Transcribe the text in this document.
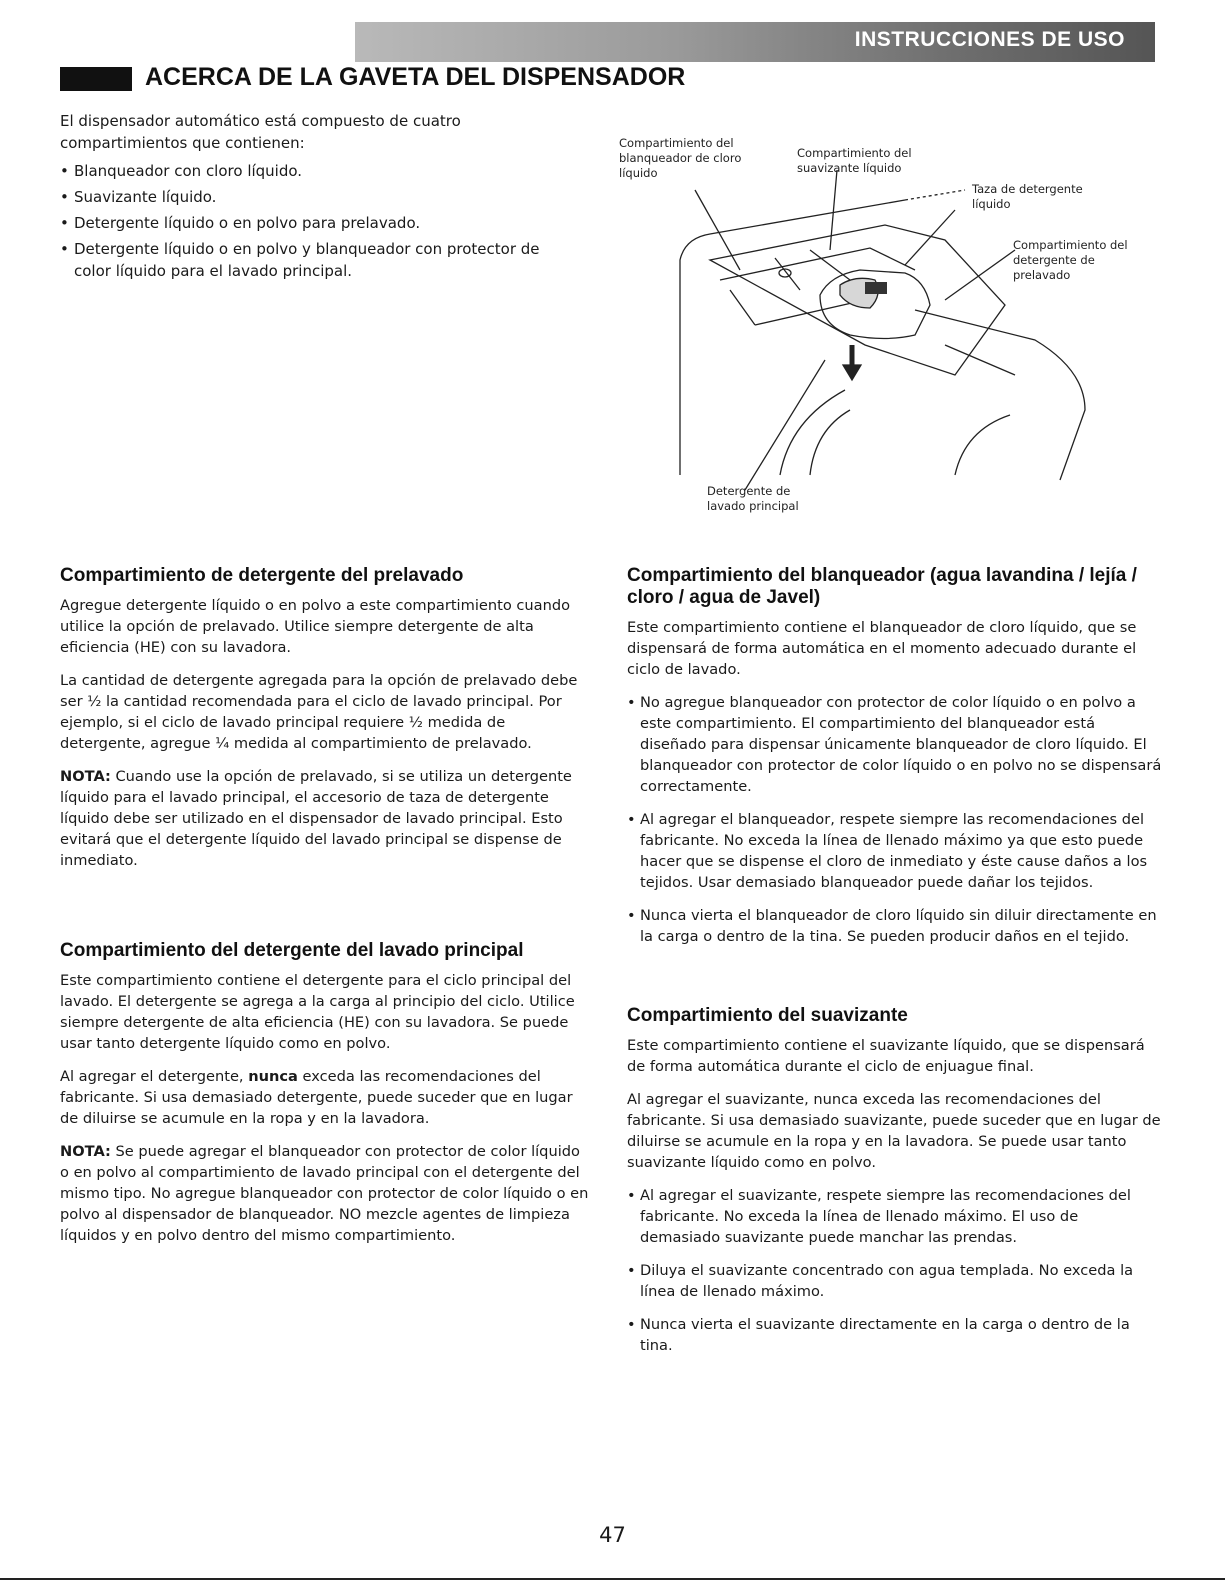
INSTRUCCIONES DE USO
ACERCA DE LA GAVETA DEL DISPENSADOR

El dispensador automático está compuesto de cuatro compartimientos que contienen:

• Blanqueador con cloro líquido.
• Suavizante líquido.
• Detergente líquido o en polvo para prelavado.
• Detergente líquido o en polvo y blanqueador con protector de color líquido para el lavado principal.
Compartimiento del
blanqueador de cloro
líquido
Compartimiento del
suavizante líquido
Taza de detergente
líquido
Compartimiento del
detergente de
prelavado
Detergente de
lavado principal
Compartimiento de detergente del prelavado

Agregue detergente líquido o en polvo a este compartimiento cuando utilice la opción de prelavado. Utilice siempre detergente de alta eficiencia (HE) con su lavadora.

La cantidad de detergente agregada para la opción de prelavado debe ser ½ la cantidad recomendada para el ciclo de lavado principal. Por ejemplo, si el ciclo de lavado principal requiere ½ medida de detergente, agregue ¼ medida al compartimiento de prelavado.

NOTA: Cuando use la opción de prelavado, si se utiliza un detergente líquido para el lavado principal, el accesorio de taza de detergente líquido debe ser utilizado en el dispensador de lavado principal. Esto evitará que el detergente líquido del lavado principal se dispense de inmediato.

Compartimiento del detergente del lavado principal

Este compartimiento contiene el detergente para el ciclo principal del lavado. El detergente se agrega a la carga al principio del ciclo. Utilice siempre detergente de alta eficiencia (HE) con su lavadora. Se puede usar tanto detergente líquido como en polvo.

Al agregar el detergente, nunca exceda las recomendaciones del fabricante. Si usa demasiado detergente, puede suceder que en lugar de diluirse se acumule en la ropa y en la lavadora.

NOTA: Se puede agregar el blanqueador con protector de color líquido o en polvo al compartimiento de lavado principal con el detergente del mismo tipo. No agregue blanqueador con protector de color líquido o en polvo al dispensador de blanqueador. NO mezcle agentes de limpieza líquidos y en polvo dentro del mismo compartimiento.

Compartimiento del blanqueador (agua lavandina / lejía / cloro / agua de Javel)

Este compartimiento contiene el blanqueador de cloro líquido, que se dispensará de forma automática en el momento adecuado durante el ciclo de lavado.

• No agregue blanqueador con protector de color líquido o en polvo a este compartimiento. El compartimiento del blanqueador está diseñado para dispensar únicamente blanqueador de cloro líquido. El blanqueador con protector de color líquido o en polvo no se dispensará correctamente.
• Al agregar el blanqueador, respete siempre las recomendaciones del fabricante. No exceda la línea de llenado máximo ya que esto puede hacer que se dispense el cloro de inmediato y éste cause daños a los tejidos. Usar demasiado blanqueador puede dañar los tejidos.
• Nunca vierta el blanqueador de cloro líquido sin diluir directamente en la carga o dentro de la tina. Se pueden producir daños en el tejido.
Compartimiento del suavizante

Este compartimiento contiene el suavizante líquido, que se dispensará de forma automática durante el ciclo de enjuague final.

Al agregar el suavizante, nunca exceda las recomendaciones del fabricante. Si usa demasiado suavizante, puede suceder que en lugar de diluirse se acumule en la ropa y en la lavadora. Se puede usar tanto suavizante líquido como en polvo.

• Al agregar el suavizante, respete siempre las recomendaciones del fabricante. No exceda la línea de llenado máximo. El uso de demasiado suavizante puede manchar las prendas.
• Diluya el suavizante concentrado con agua templada. No exceda la línea de llenado máximo.
• Nunca vierta el suavizante directamente en la carga o dentro de la tina.
47
